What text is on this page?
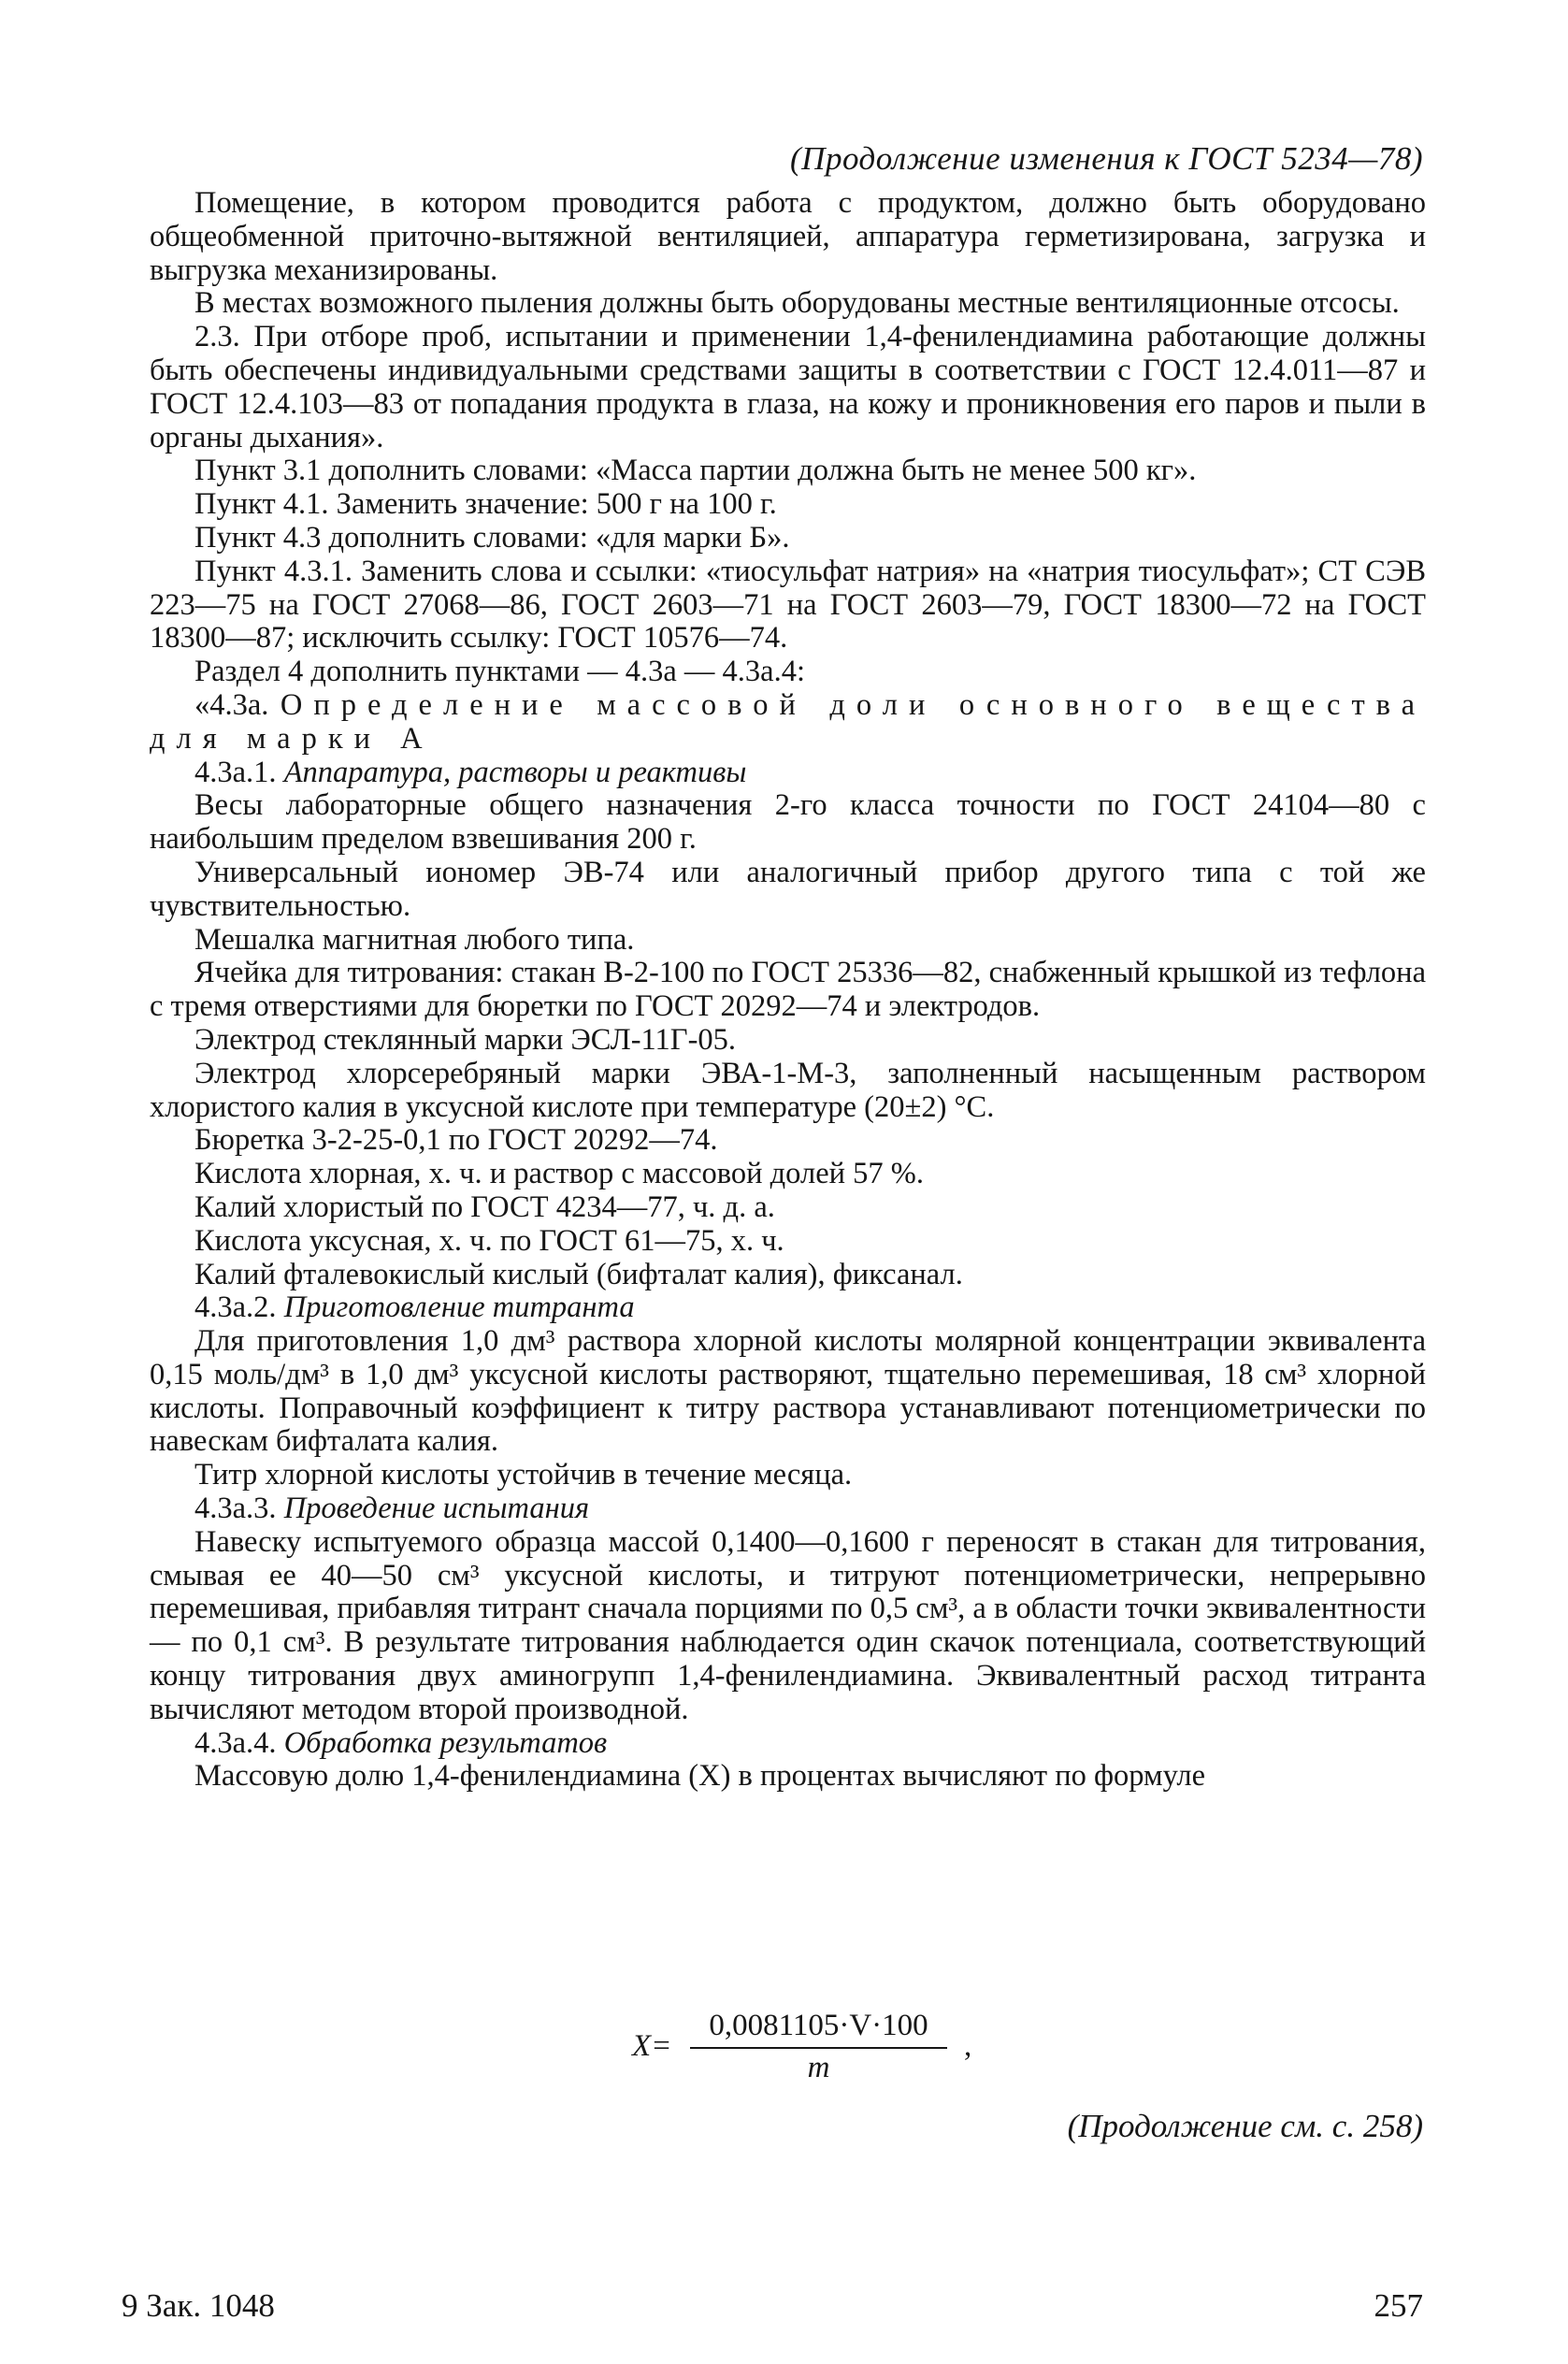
(Продолжение изменения к ГОСТ 5234—78)

Помещение, в котором проводится работа с продуктом, должно быть оборудовано общеобменной приточно-вытяжной вентиляцией, аппаратура герметизирована, загрузка и выгрузка механизированы.

В местах возможного пыления должны быть оборудованы местные вентиляционные отсосы.

2.3. При отборе проб, испытании и применении 1,4-фенилендиамина работающие должны быть обеспечены индивидуальными средствами защиты в соответствии с ГОСТ 12.4.011—87 и ГОСТ 12.4.103—83 от попадания продукта в глаза, на кожу и проникновения его паров и пыли в органы дыхания».

Пункт 3.1 дополнить словами: «Масса партии должна быть не менее 500 кг».

Пункт 4.1. Заменить значение: 500 г на 100 г.

Пункт 4.3 дополнить словами: «для марки Б».

Пункт 4.3.1. Заменить слова и ссылки: «тиосульфат натрия» на «натрия тиосульфат»; СТ СЭВ 223—75 на ГОСТ 27068—86, ГОСТ 2603—71 на ГОСТ 2603—79, ГОСТ 18300—72 на ГОСТ 18300—87; исключить ссылку: ГОСТ 10576—74.

Раздел 4 дополнить пунктами — 4.3а — 4.3а.4:

«4.3а. Определение массовой доли основного вещества для марки А

4.3а.1. Аппаратура, растворы и реактивы

Весы лабораторные общего назначения 2-го класса точности по ГОСТ 24104—80 с наибольшим пределом взвешивания 200 г.

Универсальный иономер ЭВ-74 или аналогичный прибор другого типа с той же чувствительностью.

Мешалка магнитная любого типа.

Ячейка для титрования: стакан В-2-100 по ГОСТ 25336—82, снабженный крышкой из тефлона с тремя отверстиями для бюретки по ГОСТ 20292—74 и электродов.

Электрод стеклянный марки ЭСЛ-11Г-05.

Электрод хлорсеребряный марки ЭВА-1-М-3, заполненный насыщенным раствором хлористого калия в уксусной кислоте при температуре (20±2) °С.

Бюретка 3-2-25-0,1 по ГОСТ 20292—74.

Кислота хлорная, х. ч. и раствор с массовой долей 57 %.

Калий хлористый по ГОСТ 4234—77, ч. д. а.

Кислота уксусная, х. ч. по ГОСТ 61—75, х. ч.

Калий фталевокислый кислый (бифталат калия), фиксанал.

4.3а.2. Приготовление титранта

Для приготовления 1,0 дм³ раствора хлорной кислоты молярной концентрации эквивалента 0,15 моль/дм³ в 1,0 дм³ уксусной кислоты растворяют, тщательно перемешивая, 18 см³ хлорной кислоты. Поправочный коэффициент к титру раствора устанавливают потенциометрически по навескам бифталата калия.

Титр хлорной кислоты устойчив в течение месяца.

4.3а.3. Проведение испытания

Навеску испытуемого образца массой 0,1400—0,1600 г переносят в стакан для титрования, смывая ее 40—50 см³ уксусной кислоты, и титруют потенциометрически, непрерывно перемешивая, прибавляя титрант сначала порциями по 0,5 см³, а в области точки эквивалентности — по 0,1 см³. В результате титрования наблюдается один скачок потенциала, соответствующий концу титрования двух аминогрупп 1,4-фенилендиамина. Эквивалентный расход титранта вычисляют методом второй производной.

4.3а.4. Обработка результатов

Массовую долю 1,4-фенилендиамина (X) в процентах вычисляют по формуле

$X= \frac{0,0081105\cdot V\cdot 100}{m}$ ,
(Продолжение см. с. 258)
9 Зак. 1048	257
